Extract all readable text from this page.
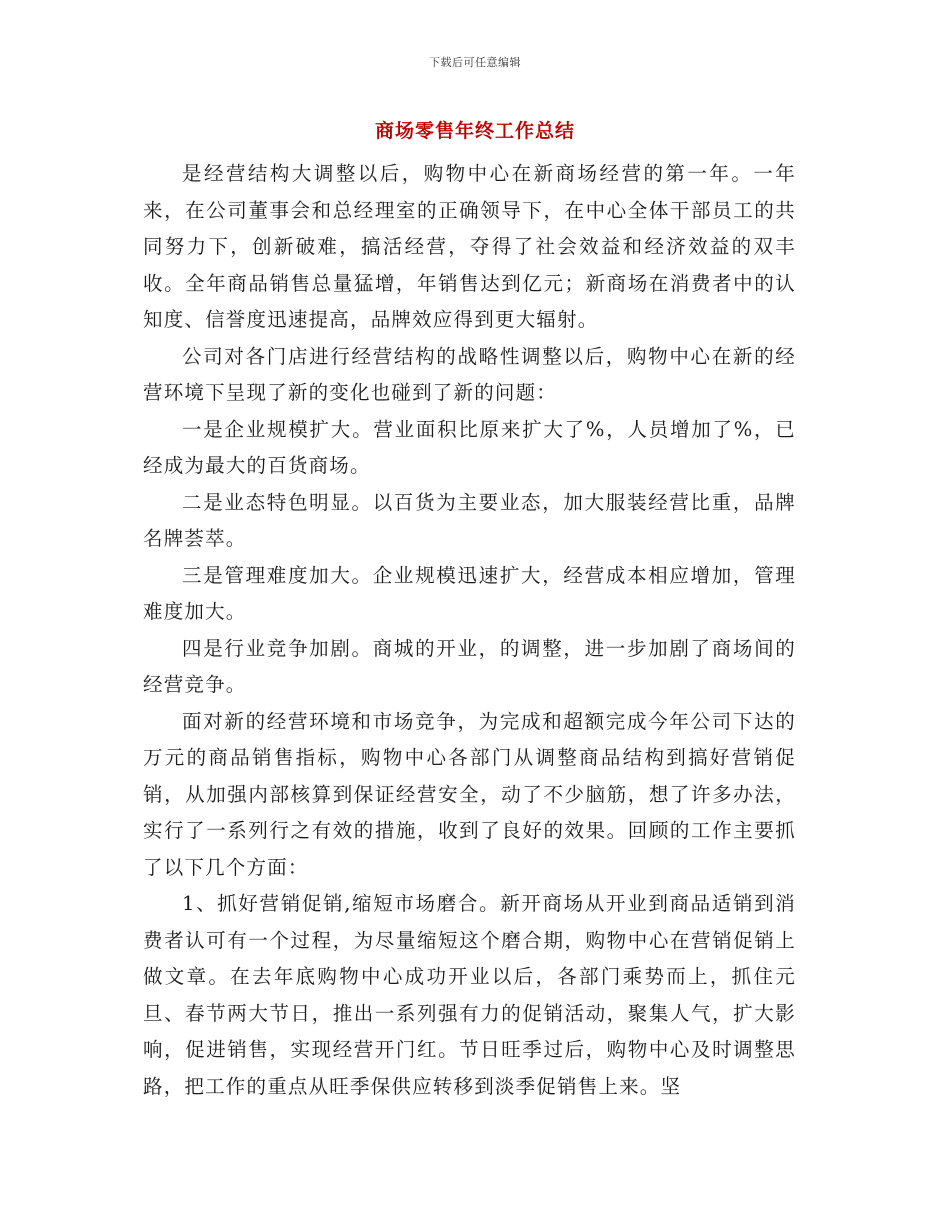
下载后可任意编辑
商场零售年终工作总结

是经营结构大调整以后，购物中心在新商场经营的第一年。一年来，在公司董事会和总经理室的正确领导下，在中心全体干部员工的共同努力下，创新破难，搞活经营，夺得了社会效益和经济效益的双丰收。全年商品销售总量猛增，年销售达到亿元；新商场在消费者中的认知度、信誉度迅速提高，品牌效应得到更大辐射。

公司对各门店进行经营结构的战略性调整以后，购物中心在新的经营环境下呈现了新的变化也碰到了新的问题：

一是企业规模扩大。营业面积比原来扩大了%，人员增加了%，已经成为最大的百货商场。

二是业态特色明显。以百货为主要业态，加大服装经营比重，品牌名牌荟萃。

三是管理难度加大。企业规模迅速扩大，经营成本相应增加，管理难度加大。

四是行业竞争加剧。商城的开业，的调整，进一步加剧了商场间的经营竞争。

面对新的经营环境和市场竞争，为完成和超额完成今年公司下达的万元的商品销售指标，购物中心各部门从调整商品结构到搞好营销促销，从加强内部核算到保证经营安全，动了不少脑筋，想了许多办法，实行了一系列行之有效的措施，收到了良好的效果。回顾的工作主要抓了以下几个方面：

1、抓好营销促销,缩短市场磨合。新开商场从开业到商品适销到消费者认可有一个过程，为尽量缩短这个磨合期，购物中心在营销促销上做文章。在去年底购物中心成功开业以后，各部门乘势而上，抓住元旦、春节两大节日，推出一系列强有力的促销活动，聚集人气，扩大影响，促进销售，实现经营开门红。节日旺季过后，购物中心及时调整思路，把工作的重点从旺季保供应转移到淡季促销售上来。坚
